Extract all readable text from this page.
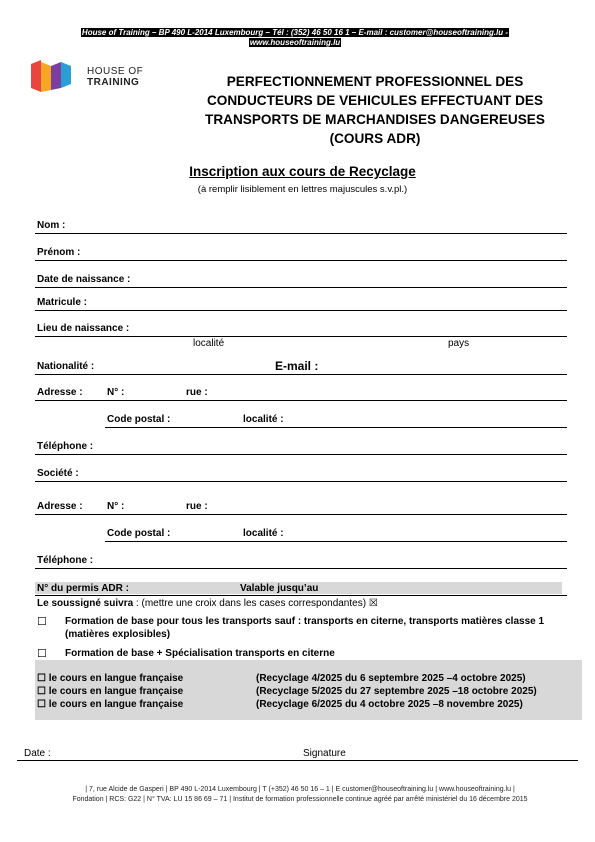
House of Training – BP 490 L-2014 Luxembourg – Tél : (352) 46 50 16 1 – E-mail : customer@houseoftraining.lu -
www.houseoftraining.lu
HOUSE OF
TRAINING	PERFECTIONNEMENT PROFESSIONNEL DES
CONDUCTEURS DE VEHICULES EFFECTUANT DES
TRANSPORTS DE MARCHANDISES DANGEREUSES
(COURS ADR)
Inscription aux cours de Recyclage
(à remplir lisiblement en lettres majuscules s.v.pl.)
Nom :
Prénom :
Date de naissance :
Matricule :
Lieu de naissance :
localité	pays
Nationalité :	E-mail :
Adresse : N° :	rue :
Code postal :	localité :
Téléphone :
Société :
Adresse : N° :	rue :
Code postal :	localité :
Téléphone :
N° du permis ADR :	Valable jusqu’au
Le soussigné suivra : (mettre une croix dans les cases correspondantes) ☒
☐ Formation de base pour tous les transports sauf : transports en citerne, transports matières classe 1 (matières explosibles)
☐ Formation de base + Spécialisation transports en citerne
☐ le cours en langue française	(Recyclage 4/2025 du 6 septembre 2025 –4 octobre 2025)
☐ le cours en langue française	(Recyclage 5/2025 du 27 septembre 2025 –18 octobre 2025)
☐ le cours en langue française	(Recyclage 6/2025 du 4 octobre 2025 –8 novembre 2025)
Date :	Signature
| 7, rue Alcide de Gasperi | BP 490 L-2014 Luxembourg | T (+352) 46 50 16 – 1 | E customer@houseoftraining.lu | www.houseoftraining.lu |
Fondation | RCS: G22 | N° TVA: LU 15 86 69 – 71 | Institut de formation professionnelle continue agréé par arrêté ministériel du 16 décembre 2015
